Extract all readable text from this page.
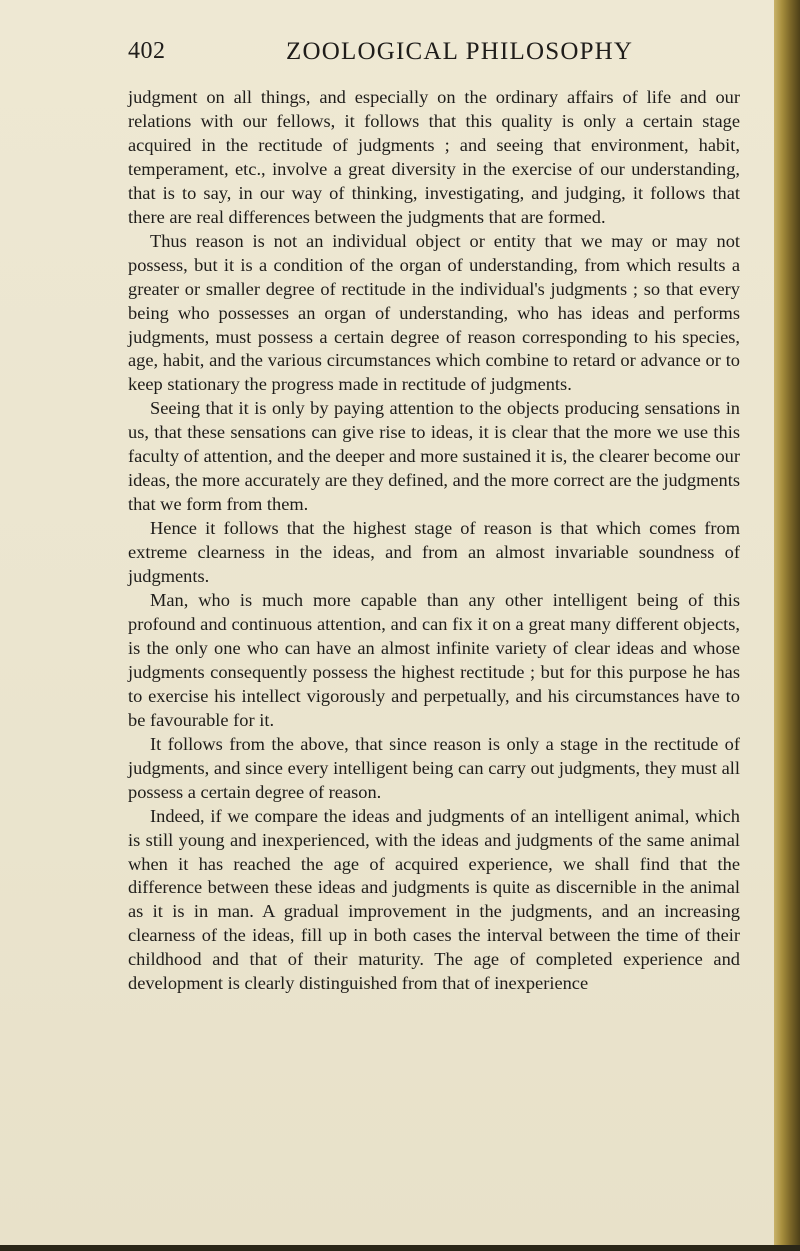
402	ZOOLOGICAL PHILOSOPHY

judgment on all things, and especially on the ordinary affairs of life and our relations with our fellows, it follows that this quality is only a certain stage acquired in the rectitude of judgments ; and seeing that environment, habit, temperament, etc., involve a great diversity in the exercise of our understanding, that is to say, in our way of thinking, investigating, and judging, it follows that there are real differences between the judgments that are formed.

Thus reason is not an individual object or entity that we may or may not possess, but it is a condition of the organ of understanding, from which results a greater or smaller degree of rectitude in the individual's judgments ; so that every being who possesses an organ of understanding, who has ideas and performs judgments, must possess a certain degree of reason corresponding to his species, age, habit, and the various circumstances which combine to retard or advance or to keep stationary the progress made in rectitude of judgments.

Seeing that it is only by paying attention to the objects producing sensations in us, that these sensations can give rise to ideas, it is clear that the more we use this faculty of attention, and the deeper and more sustained it is, the clearer become our ideas, the more accurately are they defined, and the more correct are the judgments that we form from them.

Hence it follows that the highest stage of reason is that which comes from extreme clearness in the ideas, and from an almost invariable soundness of judgments.

Man, who is much more capable than any other intelligent being of this profound and continuous attention, and can fix it on a great many different objects, is the only one who can have an almost infinite variety of clear ideas and whose judgments consequently possess the highest rectitude ; but for this purpose he has to exercise his intellect vigorously and perpetually, and his circumstances have to be favourable for it.

It follows from the above, that since reason is only a stage in the rectitude of judgments, and since every intelligent being can carry out judgments, they must all possess a certain degree of reason.

Indeed, if we compare the ideas and judgments of an intelligent animal, which is still young and inexperienced, with the ideas and judgments of the same animal when it has reached the age of acquired experience, we shall find that the difference between these ideas and judgments is quite as discernible in the animal as it is in man. A gradual improvement in the judgments, and an increasing clearness of the ideas, fill up in both cases the interval between the time of their childhood and that of their maturity. The age of completed experience and development is clearly distinguished from that of inexperience
